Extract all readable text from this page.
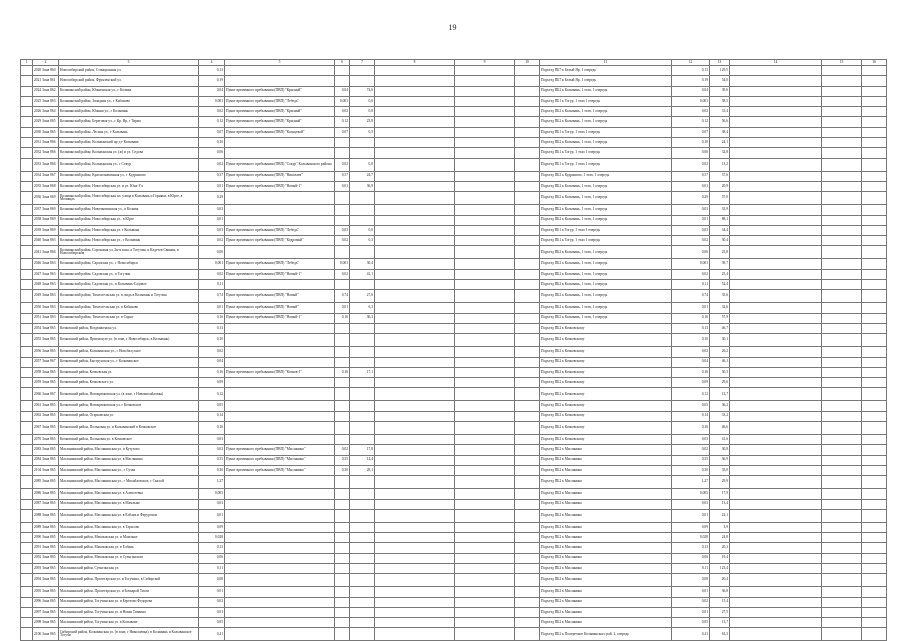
19
1	2	3	4	5	6	7	8	9	10	11	12	13	14	15	16
	2020 Зона 860	Новосибирский район, Станционная ул.	0,13							Подъезд ПБ7 к Белый Яр, 1 очередь	0,13	129,5			
	2021 Зона 861	Новосибирский район, Фрунзенский ул.	0,19							Подъезд ПБ7 к Белый Яр, 1 очередь	0,19	54,0			
	2024 Зона 862	Колыванский район, Южненская ул., г Колыва	0,04	Пункт временного пребывания (ПВП) "Красный"	0,04	74,6				Подъезд ПБ2 к Колывань, 1 этап, 1 очередь	0,04	39,6			
	2025 Зона 863	Колыванский район, Западная ул., г Кабаново	0,001	Пункт временного пребывания (ПВП) "Лебедь"	0,001	0,6				Подъезд ПБ1 к Тогур, 1 этап 1 очередь	0,001	38,5			
	2026 Зона 864	Колыванский район, Южная ул., г Колывань	0,02	Пункт временного пребывания (ПВП) "Красный"	0,02	0,8				Подъезд ПБ2 к Колывань, 1 этап, 1 очередь	0,02	31,4			
	2029 Зона 865	Колыванский район, Береговая ул., г Кр. Яр, г Тирма	0,12	Пункт временного пребывания (ПВП) "Красный"	0,12	23,8				Подъезд ПБ2 к Колывань, 1 этап, 1 очередь	0,12	56,6			
	2030 Зона 865	Колыванский район, Лесная ул., г Колывань	0,07	Пункт временного пребывания (ПВП) "Кольцевой"	0,07	0,5				Подъезд ПБ1 к Тогур, 1 этап 1 очередь	0,07	38,4			
	2031 Зона 866	Колыванский район, Колыванский пр-д г Колывань	0,10							Подъезд ПБ2 к Колывань, 1 этап, 1 очередь	0,10	24,1			
	2032 Зона 866	Колыванский район, Колыванская ул. (ж) и ул. Седова	0,06							Подъезд ПБ1 к Тогур, 1 этап 1 очередь	0,06	32,8			
	2033 Зона 866	Колыванский район, Колыванская ул., г Сокур	0,02	Пункт временного пребывания (ПВП) "Сокур" Колыванского района	0,02	0,0				Подъезд ПБ1 к Тогур, 1 этап 1 очередь	0,02	13,2			
	2034 Зона 867	Колыванский район, Краснознаменная ул., г Кудряшово	0,57	Пункт временного пребывания (ПВП) "Николаев"	0,57	24,7				Подъезд ПБ2 к Кудряшово, 1 этап, 1 очередь	0,57	37,6			
	2035 Зона 868	Колыванский район, Новосибирская ул. и ул. Юна-Уч	0,01	Пункт временного пребывания (ПВП) "Новый-1"	0,01	36,9				Подъезд ПБ2 к Колывань, 1 этап, 1 очередь	0,01	20,9			
	2036 Зона 869	Колыванский район, Новосибирская пл. улица в Колывань и Горняки, в Юрге, в Мочищах	0,29							Подъезд ПБ2 к Колывань, 1 этап, 1 очередь	0,29	57,0			
	2037 Зона 869	Колыванский район, Новочковинская ул., в Колыва	0,03							Подъезд ПБ2 к Колывань, 1 этап, 1 очередь	0,03	33,9			
	2038 Зона 869	Колыванский район, Новосибирская ул., в Юрге	0,01							Подъезд ПБ2 к Колывань, 1 этап, 1 очередь	0,01	88,1			
	2039 Зона 869	Колыванский район, Новосибирская ул. г Колывань	0,03	Пункт временного пребывания (ПВП) "Лебедь"	0,03	0,0				Подъезд ПБ1 к Тогур, 1 этап 1 очередь	0,03	34,4			
	2040 Зона 863	Колыванский район, Новосибирская ул., г Колывань	0,02	Пункт временного пребывания (ПВП) "Кедровый"	0,02	0,3				Подъезд ПБ1 к Тогур, 1 этап 1 очередь	0,02	30,4			
	2041 Зона 866	Колыванский район, Сороковая ул. 2н-я зона, а Тогучин, и Кадетов Свинин, в Новосибирском	0,06							Подъезд ПБ2 к Колывань, 1 этап, 1 очередь	0,06	25,8			
	2046 Зона 863	Колыванский район, Сарапская ул., г Новосибирск	0,001	Пункт временного пребывания (ПВП) "Лебедь"	0,001	30,4				Подъезд ПБ2 к Колывань, 1 этап, 1 очередь	0,001	39,7			
	2047 Зона 863	Колыванский район, Садовская ул., в Тогучин	0,02	Пункт временного пребывания (ПВП) "Новый-1"	0,02	41,1				Подъезд ПБ2 к Колывань, 1 этап, 1 очередь	0,02	25,4			
	2048 Зона 863	Колыванский район, Садовская ул., в Колывань-Садовое	0,11							Подъезд ПБ2 к Колывань, 1 этап, 1 очередь	0,11	52,4			
	2049 Зона 863	Колыванский район, Тимелгельская ул. в, видь в Колывань и Тогучин	0,74	Пункт временного пребывания (ПВП) "Новый"	0,74	27,6				Подъезд ПБ2 к Колывань, 1 этап, 1 очередь	0,74	35,6			
	2050 Зона 863	Колыванский район, Тимелгельская ул. в Кабаново	0,01	Пункт временного пребывания (ПВП) "Новый"	0,01	6,3				Подъезд ПБ2 к Колывань, 1 этап, 1 очередь	0,01	32,6			
	2051 Зона 863	Колыванский район, Тимелгельская ул. в Сарыг	0,16	Пункт временного пребывания (ПВП) "Новый-1"	0,16	36,3				Подъезд ПБ2 к Колывань, 1 этап, 1 очередь	0,16	57,9			
	2054 Зона 865	Кочковский район, Воздвиженска ул.	0,13							Подъезд ПБ2 к Кочковскому	0,13	46,7			
	2055 Зона 865	Кочковский район, Приемскую ул. (в зоне, г Новосибирск, в Колывань)	0,10							Подъезд ПБ2 к Кочковскому	0,10	30,1			
	2056 Зона 865	Кочковский район, Колыванская ул., г Новобалусное	0,02							Подъезд ПБ2 к Кочковскому	0,02	26,2			
	2057 Зона 867	Кочковский район, Быструнская ул., г Колыванское	0,04							Подъезд ПБ2 к Кочковскому	0,04	46,1			
	2058 Зона 865	Кочковский район, Кочковская ул.	0,16	Пункт временного пребывания (ПВП) "Кочков-1"	0,16	17,1				Подъезд ПБ2 к Кочковскому	0,16	30,3			
	2059 Зона 865	Кочковский район, Кочковского ул.	0,09							Подъезд ПБ2 к Кочковскому	0,09	29,6			
	2060 Зона 867	Кочковский район, Новокрюковская ул. (в зоне, г Новомихайловка)	0,12							Подъезд ПБ2 к Кочковскому	0,12	13,7			
	2061 Зона 865	Кочковский район, Новокрюковская ул. г Кочковское	0,05							Подъезд ПБ2 к Кочковскому	0,05	36,2			
	2063 Зона 865	Кочковский район, Огарковская ул.	0,14							Подъезд ПБ2 к Кочковскому	0,14	33,2			
	2067 Зона 865	Кочковский район, Польковая ул. и Колыванский в Кочковское	0,16							Подъезд ПБ2 к Кочковскому	0,16	46,6			
	2070 Зона 865	Кочковский район, Польковая ул. в Кочковское	0,03							Подъезд ПБ2 к Кочковскому	0,03	41,6			
	2083 Зона 865	Маслянинский район, Маслянинская ул. и Кутузово	0,02	Пункт временного пребывания (ПВП) "Маслянино"	0,02	17,8				Подъезд ПБ2 к Маслянино	0,02	30,8			
	2084 Зона 865	Маслянинский район, Маслянинская ул. в Маслянино	0,55	Пункт временного пребывания (ПВП) "Маслянино"	0,55	12,4				Подъезд ПБ2 к Маслянино	0,55	36,9			
	2104 Зона 865	Маслянинский район, Маслянинская ул., г Сузан	0,30	Пункт временного пребывания (ПВП) "Маслянино"	0,30	28,1				Подъезд ПБ2 к Маслянино	0,30	35,0			
	2085 Зона 865	Маслянинский район, Маслянинская ул., г Михайловское, с Скалой	1,27							Подъезд ПБ2 к Маслянино	1,27	29,9			
	2086 Зона 865	Маслянинский район, Маслянинская ул. в Алексеевка	0,005							Подъезд ПБ2 к Маслянино	0,005	17,9			
	2087 Зона 865	Маслянинский район, Маслянинская ул. в Мамлыке	0,03							Подъезд ПБ2 к Маслянино	0,03	13,4			
	2088 Зона 865	Маслянинский район, Маслянинская ул. в Елбань и Ферурском	0,01							Подъезд ПБ2 к Маслянино	0,01	22,1			
	2089 Зона 865	Маслянинский район, Маслянинская ул. в Тарасово	0,09							Подъезд ПБ2 к Маслянино	0,09	3,9			
	2090 Зона 865	Маслянинский район, Мамлыкская ул. и Мамлыке	0,028							Подъезд ПБ2 к Маслянино	0,028	24,8			
	2091 Зона 865	Маслянинский район, Мамлыкская ул. в Елбань	0,13							Подъезд ПБ2 к Маслянино	0,13	20,3			
	2092 Зона 865	Маслянинский район, Мамлыкская ул. в Суенгинском	0,06							Подъезд ПБ2 к Маслянино	0,06	19,4			
	2093 Зона 865	Маслянинский район, Суенгинская ул.	0,11							Подъезд ПБ2 к Маслянино	0,11	123,4			
	2094 Зона 865	Маслянинский район, Пролетарская ул. и Тогучино, в Сибирской	0,08							Подъезд ПБ2 к Маслянино	0,08	20,4			
	2095 Зона 865	Маслянинский район, Пролетарская ул. и Бочкарой Тиола	0,01							Подъезд ПБ2 к Маслянино	0,01	36,8			
	2096 Зона 865	Маслянинский район, Тогучинская ул. и Березово Федорова	0,02							Подъезд ПБ2 к Маслянино	0,02	15,4			
	2097 Зона 865	Маслянинский район, Тогучинская ул. и Новая Тиавина	0,01							Подъезд ПБ2 к Маслянино	0,01	27,5			
	2098 Зона 865	Маслянинский район, Тогучинская ул. в Колыване	0,05							Подъезд ПБ2 к Маслянино	0,05	13,7			
	2100 Зона 865	Сибирский район, Колыванская ул. (в зоне, г Николаевка), в Колывань и Колыванское Тогучи	0,41							Подъезд ПБ2 к Поперечное Колыванского рай. 2, очередь	0,41	63,3			
